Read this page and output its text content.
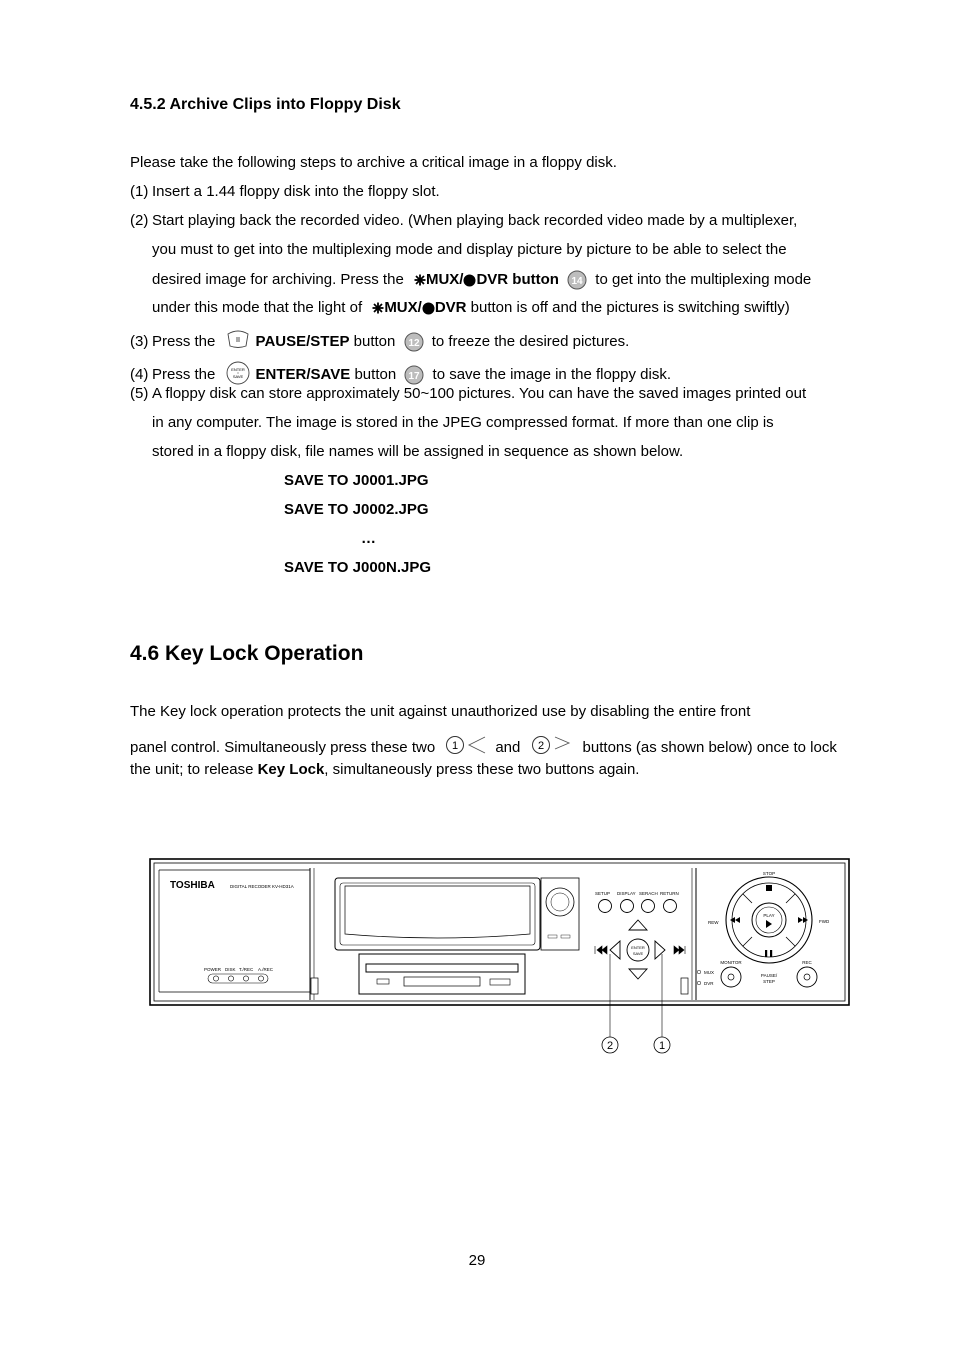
4.5.2 Archive Clips into Floppy Disk
Please take the following steps to archive a critical image in a floppy disk.
(1) Insert a 1.44 floppy disk into the floppy slot.
(2) Start playing back the recorded video. (When playing back recorded video made by a multiplexer,
you must to get into the multiplexing mode and display picture by picture to be able to select the
desired image for archiving. Press the MUX/ DVR button 14 to get into the multiplexing mode
under this mode that the light of MUX/ DVR button is off and the pictures is switching swiftly)
(3) Press the	PAUSE/STEP button 12 to freeze the desired pictures.
(4) Press the	ENTER
SAVE ENTER/SAVE button 17 to save the image in the floppy disk.
(5) A floppy disk can store approximately 50~100 pictures. You can have the saved images printed out
in any computer. The image is stored in the JPEG compressed format. If more than one clip is
stored in a floppy disk, file names will be assigned in sequence as shown below.
SAVE TO J0001.JPG
SAVE TO J0002.JPG
…
SAVE TO J000N.JPG
4.6 Key Lock Operation
The Key lock operation protects the unit against unauthorized use by disabling the entire front
panel control. Simultaneously press these two 1 and 2	buttons (as shown below) once to lock
the unit; to release Key Lock, simultaneously press these two buttons again.
TOSHIBA	DIGITAL RECODER KV-HD31A
POWER DISK T./REC A./REC
SETUP DISPLAY SERACH RETURN
ENTER
SAVE
STOP
PLAY
REW	FWD
MONITOR	REC
PAUSE/
STEP
MUX
DVR
2	1
29
